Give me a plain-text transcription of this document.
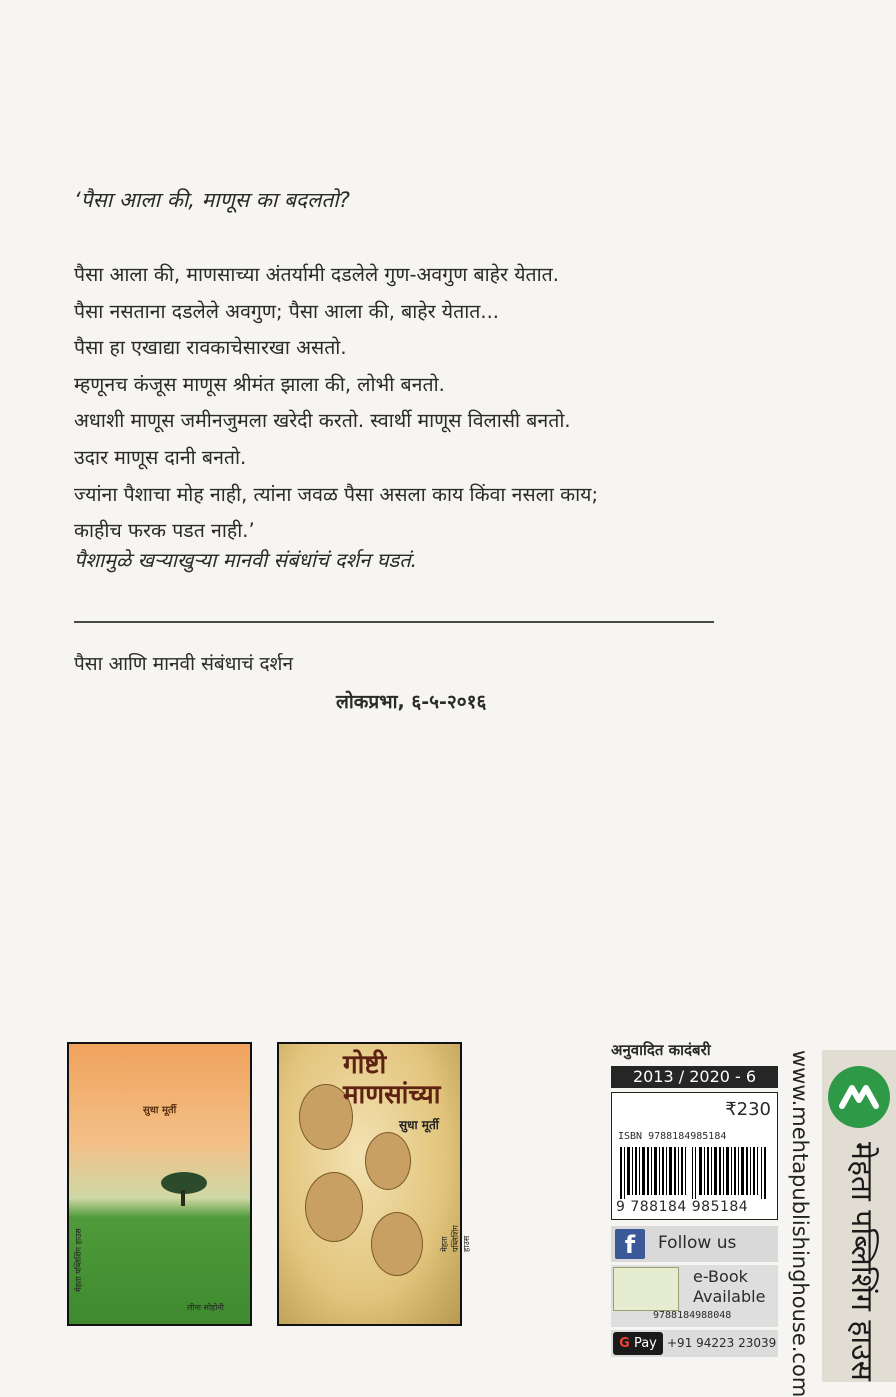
‘पैसा आला की, माणूस का बदलतो?
पैसा आला की, माणसाच्या अंतर्यामी दडलेले गुण-अवगुण बाहेर येतात.
पैसा नसताना दडलेले अवगुण; पैसा आला की, बाहेर येतात...
पैसा हा एखाद्या रावकाचेसारखा असतो.
म्हणूनच कंजूस माणूस श्रीमंत झाला की, लोभी बनतो.
अधाशी माणूस जमीनजुमला खरेदी करतो. स्वार्थी माणूस विलासी बनतो.
उदार माणूस दानी बनतो.
ज्यांना पैशाचा मोह नाही, त्यांना जवळ पैसा असला काय किंवा नसला काय;
काहीच फरक पडत नाही.’
पैशामुळे खऱ्याखुऱ्या मानवी संबंधांचं दर्शन घडतं.
पैसा आणि मानवी संबंधाचं दर्शन
लोकप्रभा, ६-५-२०१६
सुधा मूर्ती
लीना सोहोनी
मेहता पब्लिशिंग हाउस
गोष्टी माणसांच्या
सुधा मूर्ती
मेहता पब्लिशिंग हाउस
अनुवादित कादंबरी
2013 / 2020 - 6
₹230
ISBN 9788184985184
9 788184 985184
f	Follow us
e-Book
Available
9788184988048
G Pay +91 94223 23039 www.mehtapublishinghouse.com मेहता पब्लिशिंग हाउस
